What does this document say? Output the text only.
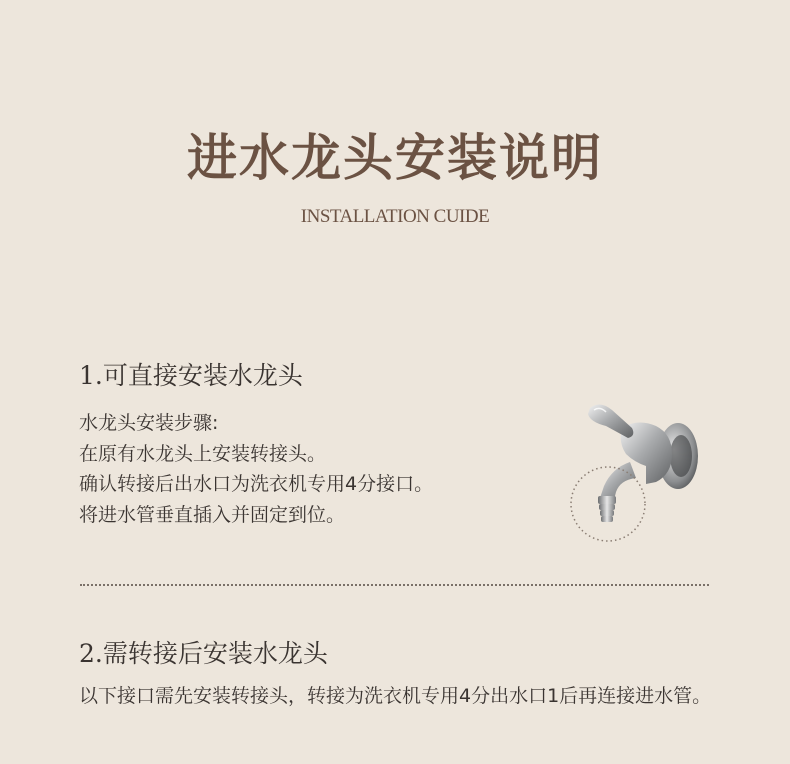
进水龙头安装说明
INSTALLATION CUIDE
1.可直接安装水龙头
水龙头安装步骤:
在原有水龙头上安装转接头。
确认转接后出水口为洗衣机专用4分接口。
将进水管垂直插入并固定到位。
2.需转接后安装水龙头
以下接口需先安装转接头，转接为洗衣机专用4分出水口1后再连接进水管。
